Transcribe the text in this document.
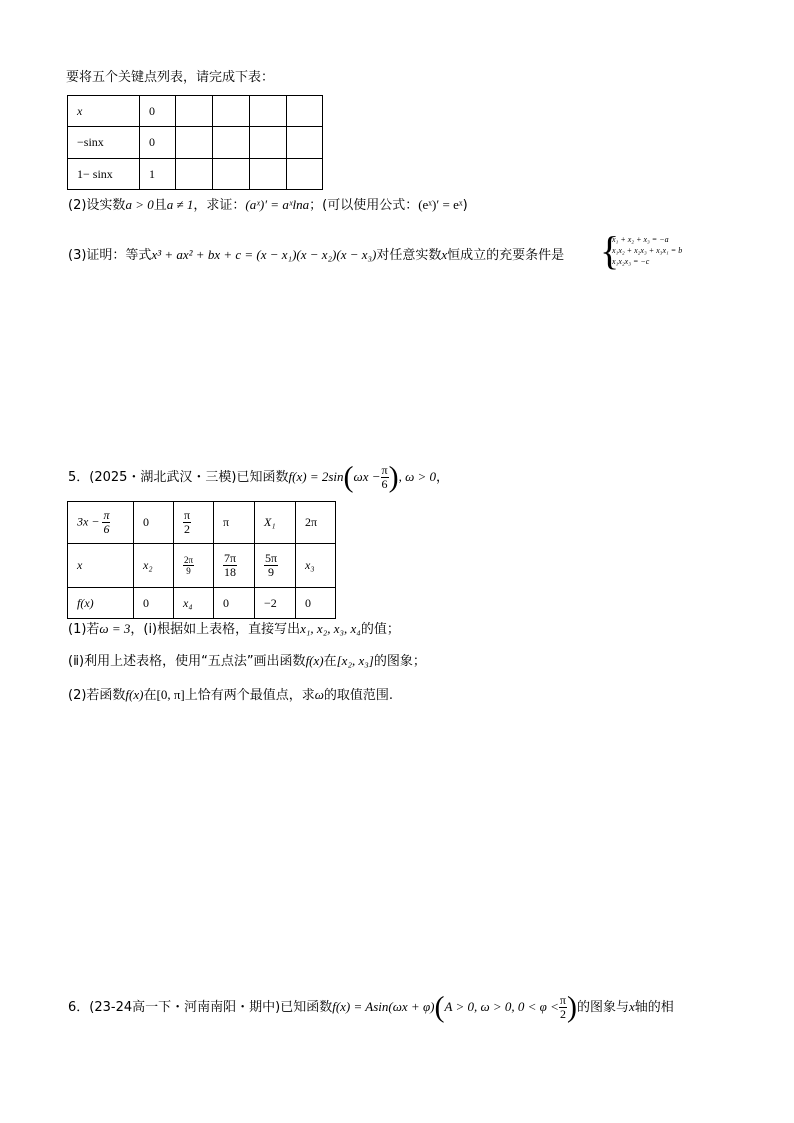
要将五个关键点列表，请完成下表：
x	0				
−sinx	0				
1− sinx	1				
(2)设实数a > 0且a ≠ 1，求证：(aˣ)′ = aˣlna；(可以使用公式：(eˣ)′ = eˣ)
(3)证明：等式x³ + ax² + bx + c = (x − x₁)(x − x₂)(x − x₃)对任意实数x恒成立的充要条件是 {
x₁ + x₂ + x₃ = −a
x₁x₂ + x₂x₃ + x₃x₁ = b
x₁x₂x₃ = −c
5．(2025・湖北武汉・三模)已知函数$f(x) = 2\sin(\omega x - \frac{\pi}{6}$ ), ω > 0，
$3x - \frac{\pi}{6}$	0	$\frac{\pi}{2}$	π	X₁	2π
x	x₂	$\frac{2\pi}{9}$	$\frac{7\pi}{18}$	$\frac{5\pi}{9}$	x₃
f(x)	0	x₄	0	−2	0
(1)若ω = 3，(ⅰ)根据如上表格，直接写出x₁, x₂, x₃, x₄的值；
(ⅱ)利用上述表格，使用“五点法”画出函数f(x)在[x₂, x₃]的图象；
(2)若函数f(x)在[0, π]上恰有两个最值点，求ω的取值范围.
6．(23-24高一下・河南南阳・期中)已知函数f(x) = Asin(ωx + φ)(A > 0, ω > 0, $0 < \varphi < \frac{\pi}{2}$ )的图象与x轴的相
